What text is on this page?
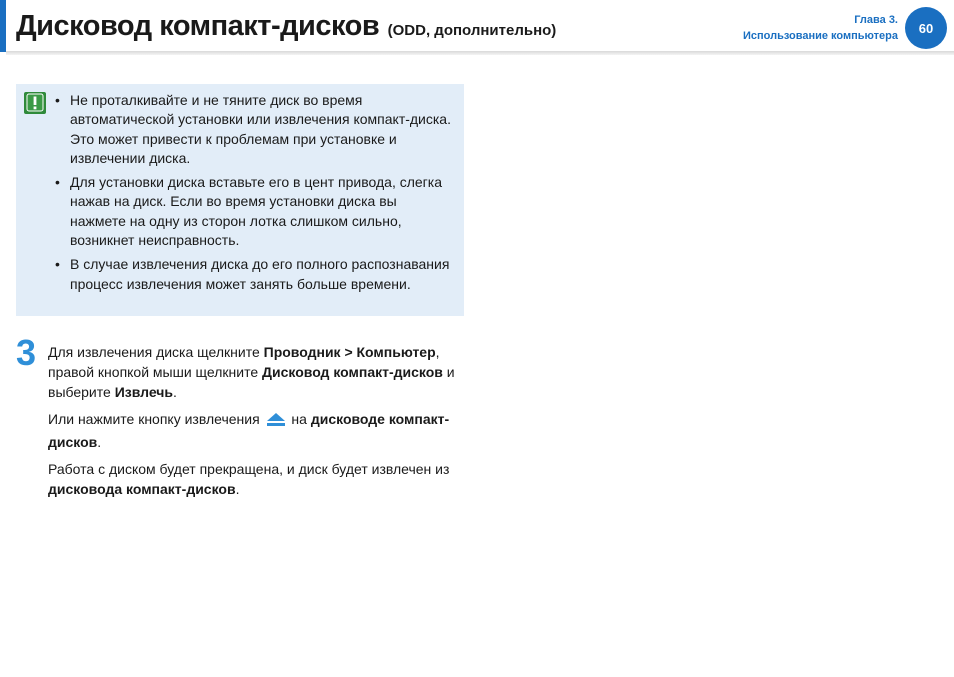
Дисковод компакт-дисков (ODD, дополнительно)
Глава 3.
Использование компьютера
60
• Не проталкивайте и не тяните диск во время автоматической установки или извлечения компакт-диска. Это может привести к проблемам при установке и извлечении диска.
• Для установки диска вставьте его в цент привода, слегка нажав на диск. Если во время установки диска вы нажмете на одну из сторон лотка слишком сильно, возникнет неисправность.
• В случае извлечения диска до его полного распознавания процесс извлечения может занять больше времени.
3 Для извлечения диска щелкните Проводник > Компьютер, правой кнопкой мыши щелкните Дисковод компакт-дисков и выберите Извлечь.

Или нажмите кнопку извлечения  на дисководе компакт-дисков.

Работа с диском будет прекращена, и диск будет извлечен из дисковода компакт-дисков.
